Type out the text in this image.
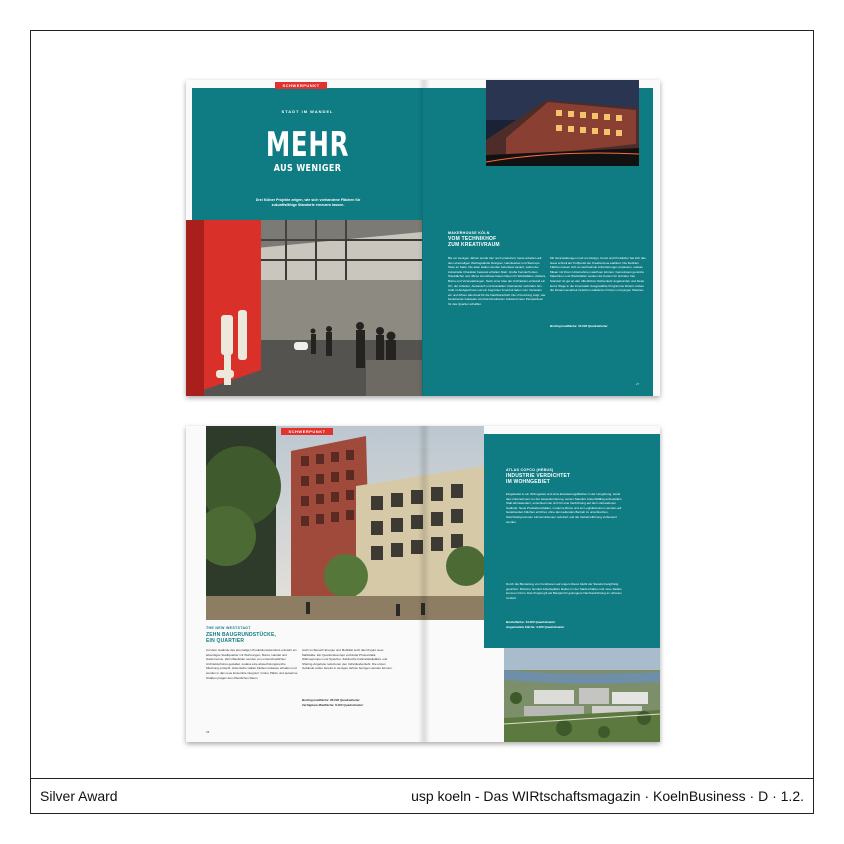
SCHWERPUNKT
STADT IM WANDEL
MEHR
AUS WENIGER
Drei Kölner Projekte zeigen, wie sich vorhandene Flächen für zukunftsfähige Standorte erneuern lassen.
MAKERHOUSE KÖLN
VOM TECHNIKHOF
ZUM KREATIVRAUM
Bis vor wenigen Jahren wurde hier noch produziert, heute arbeiten auf dem ehemaligen Werksgelände Designer, Handwerker und Start-ups Seite an Seite. Die alten Hallen wurden behutsam saniert, wobei der industrielle Charakter bewusst erhalten blieb. Große Fensterfronten, Sheddächer und offene Grundrisse bieten Raum für Werkstätten, Ateliers, Büros und Veranstaltungen. Nach einer Idee der Architekten entstand ein Ort, der Arbeiten, Austausch und Ausstellen miteinander verbindet. Ein Café im Erdgeschoss und ein begrünter Innenhof laden zum Verweilen ein und öffnen das Areal für die Nachbarschaft. Die Umnutzung zeigt, wie bestehende Gebäude mit überschaubarem Aufwand neue Perspektiven für das Quartier schaffen.
Mit Veranstaltungen rund um Design, Kunst und Produktion hat sich das Haus schnell als Treffpunkt der Kreativszene etabliert. Die flexiblen Flächen lassen sich an wechselnde Anforderungen anpassen, sodass Mieter mit ihrem Unternehmen wachsen können. Gemeinsam genutzte Maschinen und Werkstätten senken die Kosten für Gründer. Der Standort ist gut an den öffentlichen Nahverkehr angebunden und bietet kurze Wege in die Innenstadt. Ausgewählte Programme fördern zudem die Zusammenarbeit zwischen etablierten Firmen und jungen Talenten.
Bruttogrundfläche: 10.000 Quadratmeter
27
SCHWERPUNKT
THE NEW WESTSTADT
ZEHN BAUGRUNDSTÜCKE,
EIN QUARTIER
Auf dem Gelände des ehemaligen Produktionsstandorts entsteht ein lebendiges Stadtquartier mit Wohnungen, Büros, Handel und Gastronomie. Zehn Baufelder werden von unterschiedlichen Architekturbüros gestaltet, sodass eine abwechslungsreiche Mischung entsteht. Historische Hallen bleiben teilweise erhalten und werden in das neue Ensemble integriert. Grüne Plätze und autoarme Straßen prägen den öffentlichen Raum.
Auch im Bereich Energie und Mobilität setzt das Projekt neue Maßstäbe. Ein Quartierskonzept verbindet Photovoltaik, Wärmepumpen und Speicher. Zahlreiche Fahrradstellplätze und Sharing-Angebote reduzieren den Individualverkehr. Die ersten Gebäude sollen bereits in wenigen Jahren bezogen werden können.
Bruttogrundfläche: 85.000 Quadratmeter
Verfügbare Mietfläche: 5.200 Quadratmeter
28
ATLAS COPCO (HEBUS)
INDUSTRIE VERDICHTET
IM WOHNGEBIET
Eingebettet in ein Wohngebiet und ohne Erweiterungsflächen in der Umgebung, stand das Unternehmen vor der Herausforderung, seinen Standort zukunftsfähig aufzustellen. Statt abzuwandern, entschied man sich für eine Verdichtung auf dem vorhandenen Gelände. Neue Produktionshallen, moderne Büros und ein Logistikzentrum wurden auf bestehenden Flächen errichtet, ohne den laufenden Betrieb zu unterbrechen. Gleichzeitig konnten Lärmemissionen reduziert und die Verkehrsführung verbessert werden.
Durch die Bündelung von Funktionen auf engem Raum bleibt der Standort langfristig gesichert. Mehrere hundert Arbeitsplätze bleiben in der Stadt erhalten und neue Stellen kommen hinzu. Das Projekt gilt als Beispiel für gelungene Nachverdichtung im urbanen Umfeld.
Bruttofläche: 34.000 Quadratmeter
Angemietete Fläche: 3.000 Quadratmeter
Silver Award	usp koeln - Das WIRtschaftsmagazin · KoelnBusiness · D · 1.2.
